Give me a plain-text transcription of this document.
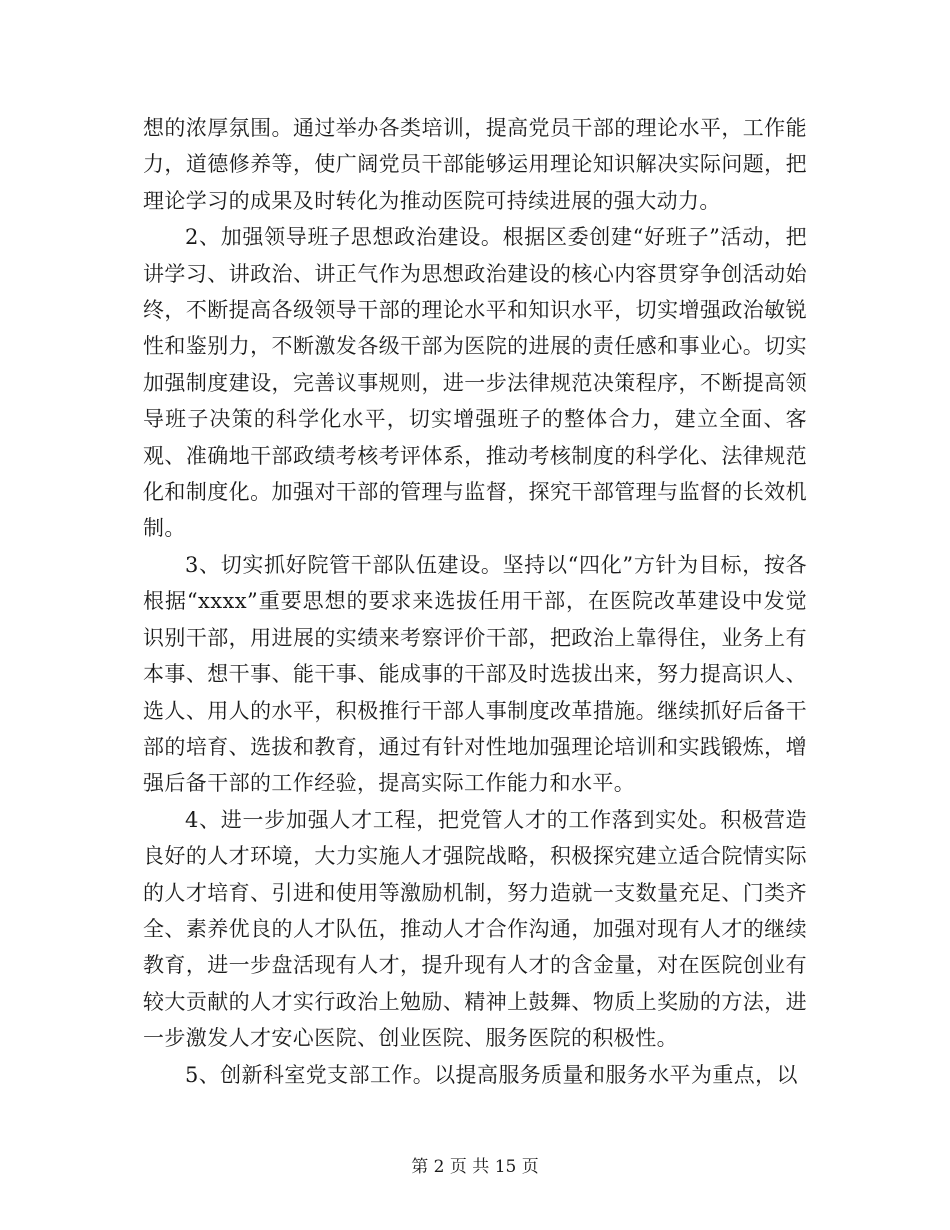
想的浓厚氛围。通过举办各类培训，提高党员干部的理论水平，工作能力，道德修养等，使广阔党员干部能够运用理论知识解决实际问题，把理论学习的成果及时转化为推动医院可持续进展的强大动力。

2、加强领导班子思想政治建设。根据区委创建“好班子”活动，把讲学习、讲政治、讲正气作为思想政治建设的核心内容贯穿争创活动始终，不断提高各级领导干部的理论水平和知识水平，切实增强政治敏锐性和鉴别力，不断激发各级干部为医院的进展的责任感和事业心。切实加强制度建设，完善议事规则，进一步法律规范决策程序，不断提高领导班子决策的科学化水平，切实增强班子的整体合力，建立全面、客观、准确地干部政绩考核考评体系，推动考核制度的科学化、法律规范化和制度化。加强对干部的管理与监督，探究干部管理与监督的长效机制。

3、切实抓好院管干部队伍建设。坚持以“四化”方针为目标，按各根据“xxxx”重要思想的要求来选拔任用干部，在医院改革建设中发觉识别干部，用进展的实绩来考察评价干部，把政治上靠得住，业务上有本事、想干事、能干事、能成事的干部及时选拔出来，努力提高识人、选人、用人的水平，积极推行干部人事制度改革措施。继续抓好后备干部的培育、选拔和教育，通过有针对性地加强理论培训和实践锻炼，增强后备干部的工作经验，提高实际工作能力和水平。

4、进一步加强人才工程，把党管人才的工作落到实处。积极营造良好的人才环境，大力实施人才强院战略，积极探究建立适合院情实际的人才培育、引进和使用等激励机制，努力造就一支数量充足、门类齐全、素养优良的人才队伍，推动人才合作沟通，加强对现有人才的继续教育，进一步盘活现有人才，提升现有人才的含金量，对在医院创业有较大贡献的人才实行政治上勉励、精神上鼓舞、物质上奖励的方法，进一步激发人才安心医院、创业医院、服务医院的积极性。

5、创新科室党支部工作。以提高服务质量和服务水平为重点，以

第 2 页 共 15 页
